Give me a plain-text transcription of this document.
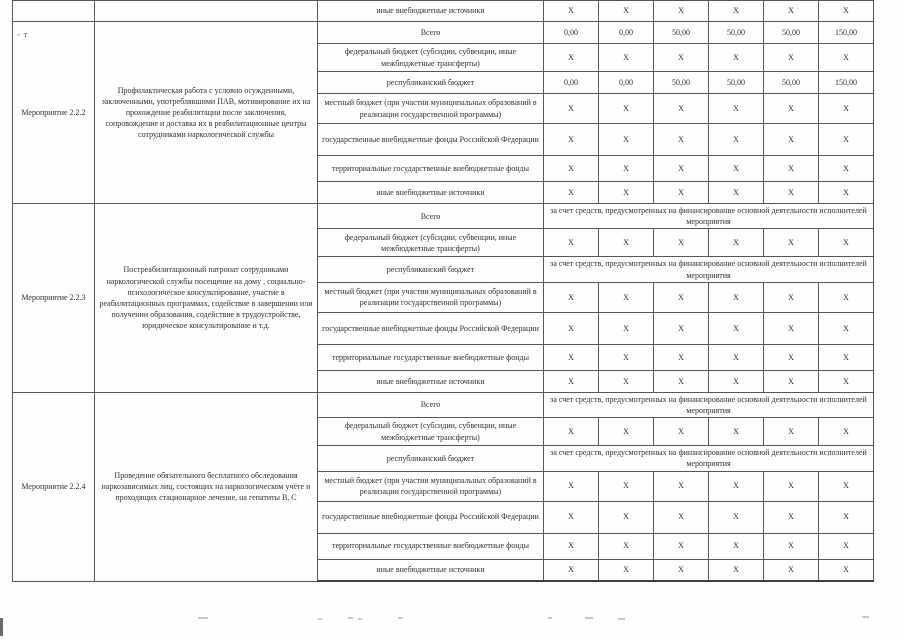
- т
		иные внебюджетные источники	X	X	X	X	X	X
Мероприятие 2.2.2	Профилактическая работа с условно осужденными, заключенными, употреблявшими ПАВ, мотивирование их на прохождение реабилитации после заключения, сопровождение и доставка их в реабилитационные центры сотрудниками наркологической службы	Всего	0,00	0,00	50,00	50,00	50,00	150,00
		федеральный бюджет (субсидии, субвенции, иные межбюджетные трансферты)	X	X	X	X	X	X
		республиканский бюджет	0,00	0,00	50,00	50,00	50,00	150,00
		местный бюджет (при участии муниципальных образований в реализации государственной программы)	X	X	X	X	X	X
		государственные внебюджетные фонды Российской Федерации	X	X	X	X	X	X
		территориальные государственные внебюджетные фонды	X	X	X	X	X	X
		иные внебюджетные источники	X	X	X	X	X	X
Мероприятие 2.2.3	Постреабилитационный патронат сотрудниками наркологической службы посещение на дому , социально-психологическое консультирование, участие в реабилитационных программах, содействие в завершении или получении образования, содействие в трудоустройстве, юридическое консультирование и т.д.	Всего	за счет средств, предусмотренных на финансирование основной деятельности исполнителей мероприятия					
		федеральный бюджет (субсидии, субвенции, иные межбюджетные трансферты)	X	X	X	X	X	X
		республиканский бюджет	за счет средств, предусмотренных на финансирование основной деятельности исполнителей мероприятия					
		местный бюджет (при участии муниципальных образований в реализации государственной программы)	X	X	X	X	X	X
		государственные внебюджетные фонды Российской Федерации	X	X	X	X	X	X
		территориальные государственные внебюджетные фонды	X	X	X	X	X	X
		иные внебюджетные источники	X	X	X	X	X	X
Мероприятие 2.2.4	Проведение обязательного бесплатного обследования наркозависимых лиц, состоящих на наркологическом учёте и проходящих стационарное лечение, на гепатиты В, С	Всего	за счет средств, предусмотренных на финансирование основной деятельности исполнителей мероприятия					
		федеральный бюджет (субсидии, субвенции, иные межбюджетные трансферты)	X	X	X	X	X	X
		республиканский бюджет	за счет средств, предусмотренных на финансирование основной деятельности исполнителей мероприятия					
		местный бюджет (при участии муниципальных образований в реализации государственной программы)	X	X	X	X	X	X
		государственные внебюджетные фонды Российской Федерации	X	X	X	X	X	X
		территориальные государственные внебюджетные фонды	X	X	X	X	X	X
		иные внебюджетные источники	X	X	X	X	X	X
